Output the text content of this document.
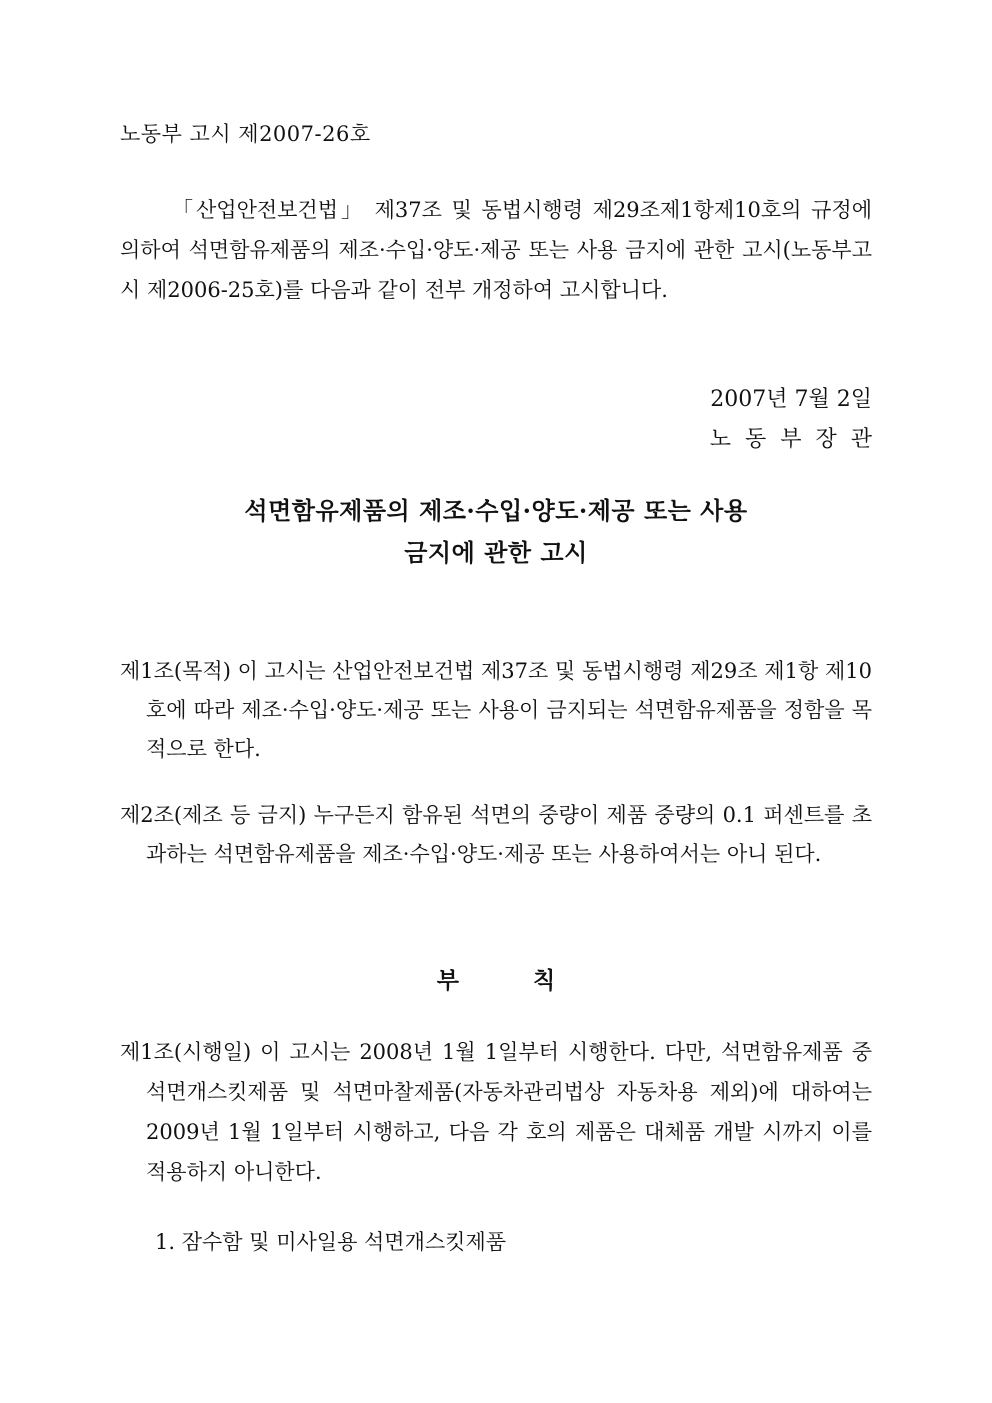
노동부 고시 제2007-26호
「산업안전보건법」 제37조 및 동법시행령 제29조제1항제10호의 규정에 의하여 석면함유제품의 제조·수입·양도·제공 또는 사용 금지에 관한 고시(노동부고시 제2006-25호)를 다음과 같이 전부 개정하여 고시합니다.
2007년 7월 2일
노동부장관
석면함유제품의 제조·수입·양도·제공 또는 사용
금지에 관한 고시
제1조(목적) 이 고시는 산업안전보건법 제37조 및 동법시행령 제29조 제1항 제10호에 따라 제조·수입·양도·제공 또는 사용이 금지되는 석면함유제품을 정함을 목적으로 한다.
제2조(제조 등 금지) 누구든지 함유된 석면의 중량이 제품 중량의 0.1 퍼센트를 초과하는 석면함유제품을 제조·수입·양도·제공 또는 사용하여서는 아니 된다.
부 칙
제1조(시행일) 이 고시는 2008년 1월 1일부터 시행한다. 다만, 석면함유제품 중 석면개스킷제품 및 석면마찰제품(자동차관리법상 자동차용 제외)에 대하여는 2009년 1월 1일부터 시행하고, 다음 각 호의 제품은 대체품 개발 시까지 이를 적용하지 아니한다.
1. 잠수함 및 미사일용 석면개스킷제품
